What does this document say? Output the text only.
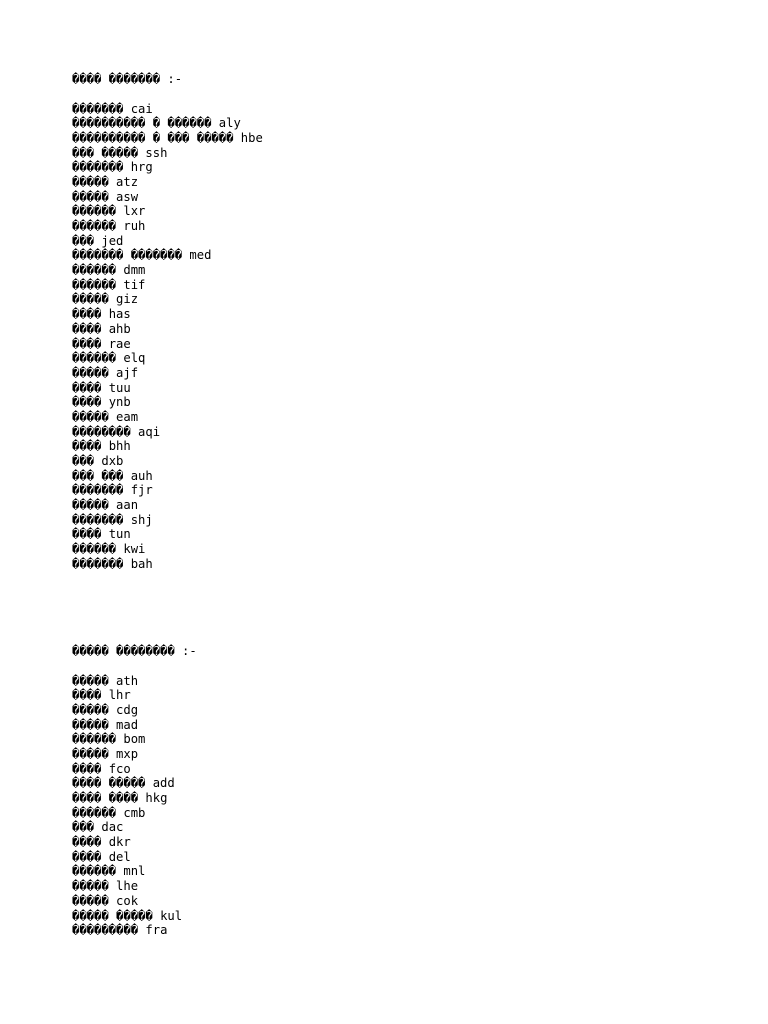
���� ������� :-
������� cai
���������� � ������ aly
���������� � ��� ����� hbe
��� ����� ssh
������� hrg
����� atz
����� asw
������ lxr
������ ruh
��� jed
������� ������� med
������ dmm
������ tif
����� giz
���� has
���� ahb
���� rae
������ elq
����� ajf
���� tuu
���� ynb
����� eam
�������� aqi
���� bhh
��� dxb
��� ��� auh
������� fjr
����� aan
������� shj
���� tun
������ kwi
������� bah
����� �������� :-
����� ath
���� lhr
����� cdg
����� mad
������ bom
����� mxp
���� fco
���� ����� add
���� ���� hkg
������ cmb
��� dac
���� dkr
���� del
������ mnl
����� lhe
����� cok
����� ����� kul
��������� fra
